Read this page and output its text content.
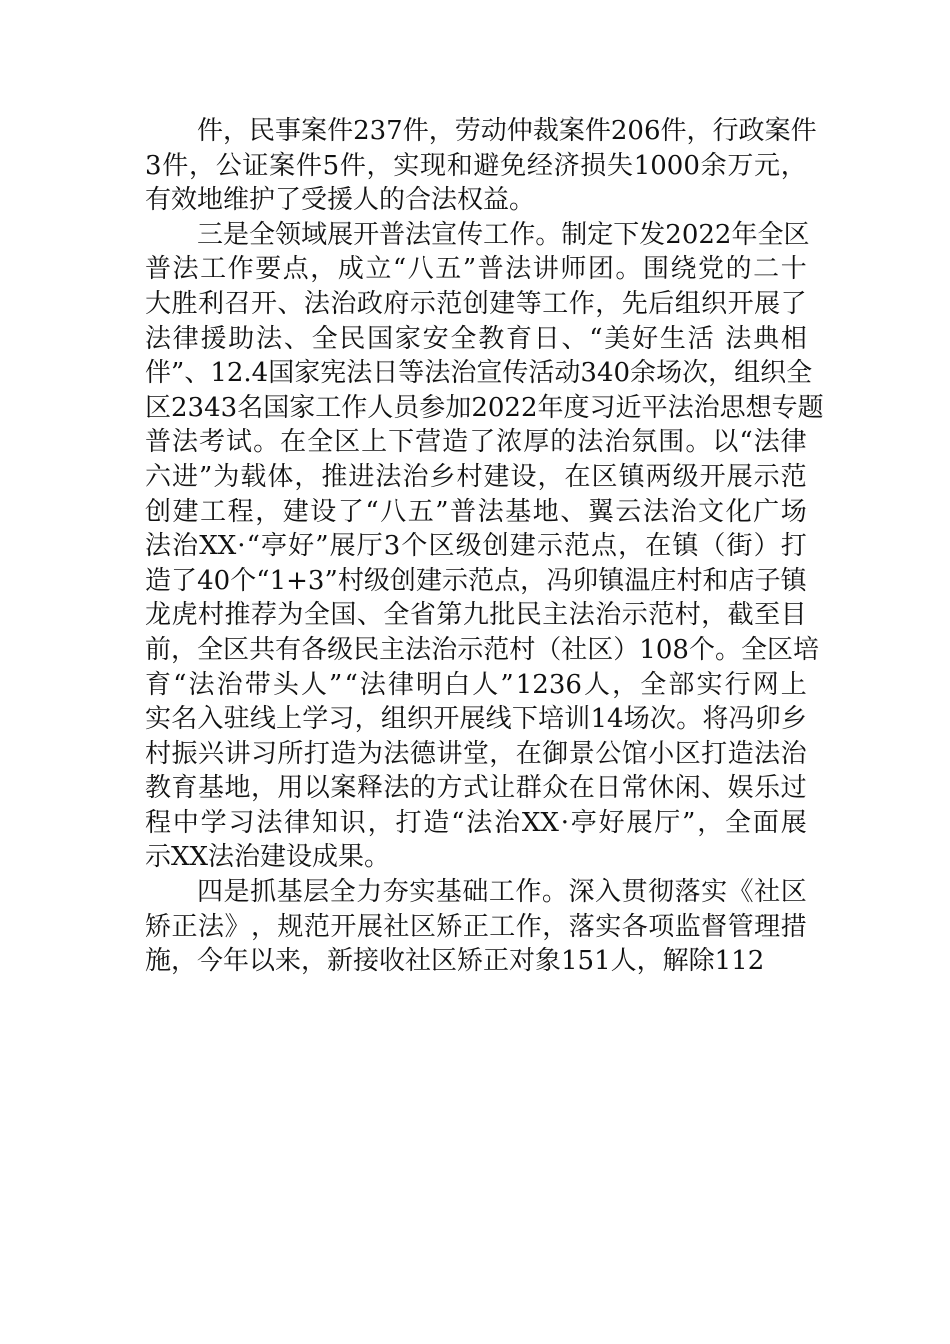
件 ， 民 事 案 件 237 件 ， 劳 动 仲 裁 案 件 206 件 ， 行 政 案 件
3 件 ， 公 证 案 件 5 件 ， 实 现 和 避 免 经 济 损 失 1000 余 万 元 ，
有效地维护了受援人的合法权益。
三 是 全 领 域 展 开 普 法 宣 传 工 作 。 制 定 下 发 2022 年 全 区
普 法 工 作 要 点 ， 成 立 “ 八 五 ” 普 法 讲 师 团 。 围 绕 党 的 二 十
大 胜 利 召 开 、 法 治 政 府 示 范 创 建 等 工 作 ， 先 后 组 织 开 展 了
法 律 援 助 法 、 全 民 国 家 安 全 教 育 日 、 “ 美 好 生 活
法 典 相
伴 ” 、 12.4 国 家 宪 法 日 等 法 治 宣 传 活 动 340 余 场 次 ， 组 织 全
区 2343 名 国 家 工 作 人 员 参 加 2022 年 度 习 近 平 法 治 思 想 专 题
普 法 考 试 。 在 全 区 上 下 营 造 了 浓 厚 的 法 治 氛 围 。 以 “ 法 律
六 进 ” 为 载 体 ， 推 进 法 治 乡 村 建 设 ， 在 区 镇 两 级 开 展 示 范
创 建 工 程 ， 建 设 了 “ 八 五 ” 普 法 基 地 、 翼 云 法 治 文 化 广 场
法 治 XX · “ 亭 好 ” 展 厅 3 个 区 级 创 建 示 范 点 ， 在 镇 （ 街 ） 打
造 了 40 个 “ 1+3 ” 村 级 创 建 示 范 点 ， 冯 卯 镇 温 庄 村 和 店 子 镇
龙 虎 村 推 荐 为 全 国 、 全 省 第 九 批 民 主 法 治 示 范 村 ， 截 至 目
前 ， 全 区 共 有 各 级 民 主 法 治 示 范 村 （ 社 区 ） 108 个 。 全 区 培
育 “ 法 治 带 头 人 ” “ 法 律 明 白 人 ” 1236 人 ， 全 部 实 行 网 上
实 名 入 驻 线 上 学 习 ， 组 织 开 展 线 下 培 训 14 场 次 。 将 冯 卯 乡
村 振 兴 讲 习 所 打 造 为 法 德 讲 堂 ， 在 御 景 公 馆 小 区 打 造 法 治
教 育 基 地 ， 用 以 案 释 法 的 方 式 让 群 众 在 日 常 休 闲 、 娱 乐 过
程 中 学 习 法 律 知 识 ， 打 造 “ 法 治 XX · 亭 好 展 厅 ” ， 全 面 展
示XX法治建设成果。
四 是 抓 基 层 全 力 夯 实 基 础 工 作 。 深 入 贯 彻 落 实 《 社 区
矫 正 法 》 ， 规 范 开 展 社 区 矫 正 工 作 ， 落 实 各 项 监 督 管 理 措
施，今年以来，新接收社区矫正对象151人，解除112
